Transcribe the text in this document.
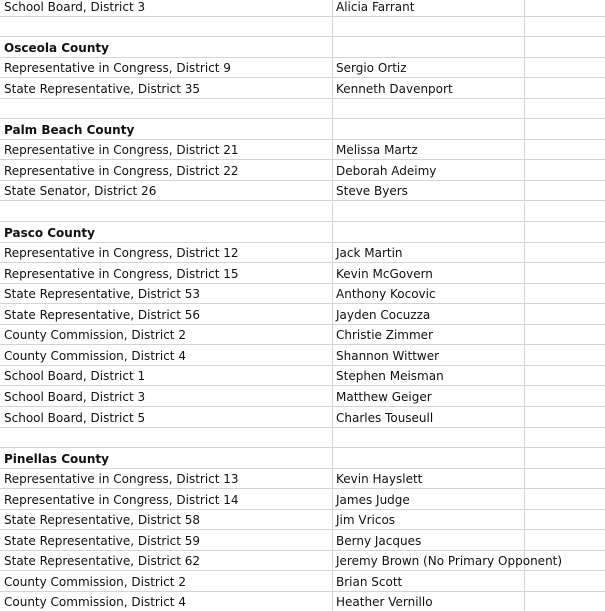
School Board, District 3	Alicia Farrant
Osceola County
Representative in Congress, District 9	Sergio Ortiz
State Representative, District 35	Kenneth Davenport
Palm Beach County
Representative in Congress, District 21	Melissa Martz
Representative in Congress, District 22	Deborah Adeimy
State Senator, District 26	Steve Byers
Pasco County
Representative in Congress, District 12	Jack Martin
Representative in Congress, District 15	Kevin McGovern
State Representative, District 53	Anthony Kocovic
State Representative, District 56	Jayden Cocuzza
County Commission, District 2	Christie Zimmer
County Commission, District 4	Shannon Wittwer
School Board, District 1	Stephen Meisman
School Board, District 3	Matthew Geiger
School Board, District 5	Charles Touseull
Pinellas County
Representative in Congress, District 13	Kevin Hayslett
Representative in Congress, District 14	James Judge
State Representative, District 58	Jim Vricos
State Representative, District 59	Berny Jacques
State Representative, District 62	Jeremy Brown (No Primary Opponent)
County Commission, District 2	Brian Scott
County Commission, District 4	Heather Vernillo
